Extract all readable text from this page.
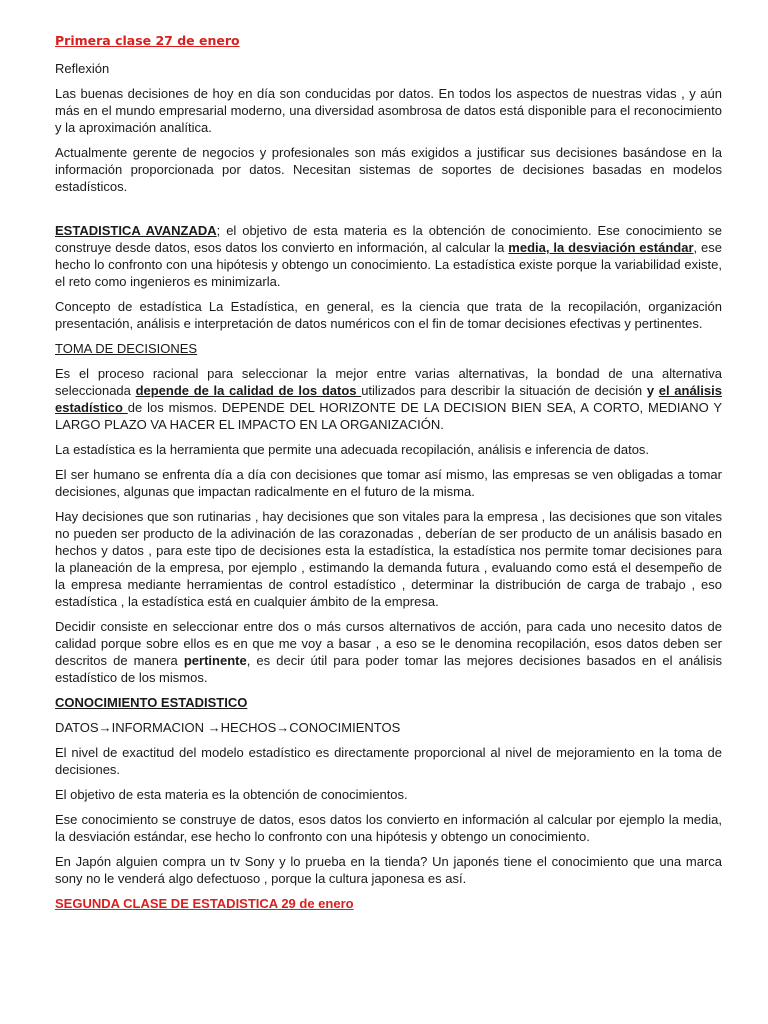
Primera clase 27 de enero

Reflexión

Las buenas decisiones de hoy en día son conducidas por datos. En todos los aspectos de nuestras vidas , y aún más en el mundo empresarial moderno, una diversidad asombrosa de datos está disponible para el reconocimiento y la aproximación analítica.

Actualmente gerente de negocios y profesionales son más exigidos a justificar sus decisiones basándose en la información proporcionada por datos. Necesitan sistemas de soportes de decisiones basadas en modelos estadísticos.

ESTADISTICA AVANZADA; el objetivo de esta materia es la obtención de conocimiento. Ese conocimiento se construye desde datos, esos datos los convierto en información, al calcular la media, la desviación estándar, ese hecho lo confronto con una hipótesis y obtengo un conocimiento. La estadística existe porque la variabilidad existe, el reto como ingenieros es minimizarla.

Concepto de estadística La Estadística, en general, es la ciencia que trata de la recopilación, organización presentación, análisis e interpretación de datos numéricos con el fin de tomar decisiones efectivas y pertinentes.

TOMA DE DECISIONES

Es el proceso racional para seleccionar la mejor entre varias alternativas, la bondad de una alternativa seleccionada depende de la calidad de los datos utilizados para describir la situación de decisión y el análisis estadístico de los mismos. DEPENDE DEL HORIZONTE DE LA DECISION BIEN SEA, A CORTO, MEDIANO Y LARGO PLAZO VA HACER EL IMPACTO EN LA ORGANIZACIÓN.

La estadística es la herramienta que permite una adecuada recopilación, análisis e inferencia de datos.

El ser humano se enfrenta día a día con decisiones que tomar así mismo, las empresas se ven obligadas a tomar decisiones, algunas que impactan radicalmente en el futuro de la misma.

Hay decisiones que son rutinarias , hay decisiones que son vitales para la empresa , las decisiones que son vitales no pueden ser producto de la adivinación de las corazonadas , deberían de ser producto de un análisis basado en hechos y datos , para este tipo de decisiones esta la estadística, la estadística nos permite tomar decisiones para la planeación de la empresa, por ejemplo , estimando la demanda futura , evaluando como está el desempeño de la empresa mediante herramientas de control estadístico , determinar la distribución de carga de trabajo , eso estadística , la estadística está en cualquier ámbito de la empresa.

Decidir consiste en seleccionar entre dos o más cursos alternativos de acción, para cada uno necesito datos de calidad porque sobre ellos es en que me voy a basar , a eso se le denomina recopilación, esos datos deben ser descritos de manera pertinente, es decir útil para poder tomar las mejores decisiones basados en el análisis estadístico de los mismos.

CONOCIMIENTO ESTADISTICO

DATOS→INFORMACION →HECHOS→CONOCIMIENTOS

El nivel de exactitud del modelo estadístico es directamente proporcional al nivel de mejoramiento en la toma de decisiones.

El objetivo de esta materia es la obtención de conocimientos.

Ese conocimiento se construye de datos, esos datos los convierto en información al calcular por ejemplo la media, la desviación estándar, ese hecho lo confronto con una hipótesis y obtengo un conocimiento.

En Japón alguien compra un tv Sony y lo prueba en la tienda? Un japonés tiene el conocimiento que una marca sony no le venderá algo defectuoso , porque la cultura japonesa es así.

SEGUNDA CLASE DE ESTADISTICA 29 de enero
